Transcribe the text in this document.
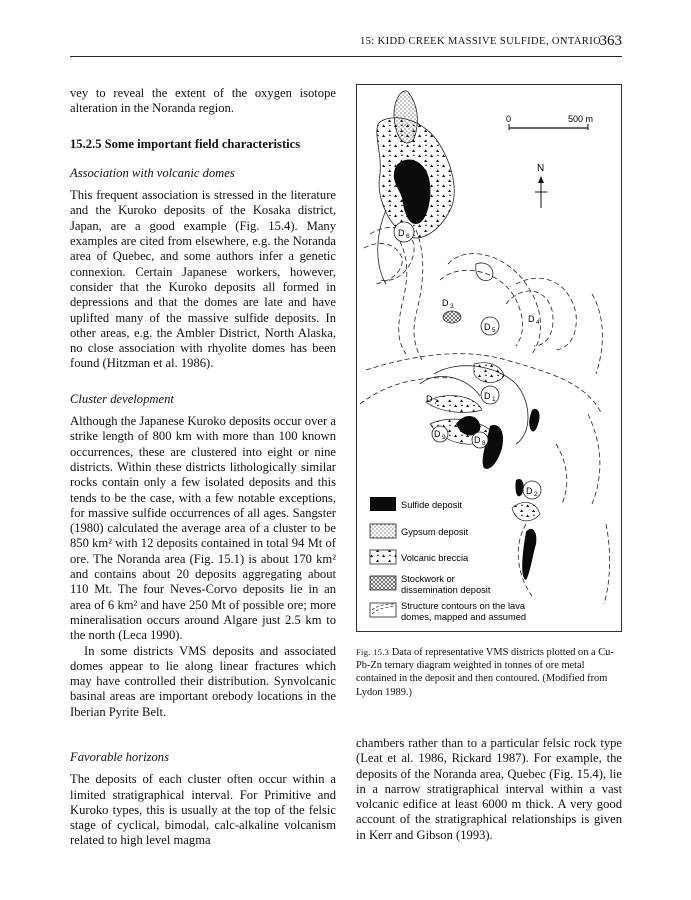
15: KIDD CREEK MASSIVE SULFIDE, ONTARIO
363

vey to reveal the extent of the oxygen isotope alteration in the Noranda region.

15.2.5 Some important field characteristics
Association with volcanic domes

This frequent association is stressed in the literature and the Kuroko deposits of the Kosaka district, Japan, are a good example (Fig. 15.4). Many examples are cited from elsewhere, e.g. the Noranda area of Quebec, and some authors infer a genetic connexion. Certain Japanese workers, however, consider that the Kuroko deposits all formed in depressions and that the domes are late and have uplifted many of the massive sulfide deposits. In other areas, e.g. the Ambler District, North Alaska, no close association with rhyolite domes has been found (Hitzman et al. 1986).

Cluster development

Although the Japanese Kuroko deposits occur over a strike length of 800 km with more than 100 known occurrences, these are clustered into eight or nine districts. Within these districts lithologically similar rocks contain only a few isolated deposits and this tends to be the case, with a few notable exceptions, for massive sulfide occurrences of all ages. Sangster (1980) calculated the average area of a cluster to be 850 km² with 12 deposits contained in total 94 Mt of ore. The Noranda area (Fig. 15.1) is about 170 km² and contains about 20 deposits aggregating about 110 Mt. The four Neves-Corvo deposits lie in an area of 6 km² and have 250 Mt of possible ore; more mineralisation occurs around Algare just 2.5 km to the north (Leca 1990).

In some districts VMS deposits and associated domes appear to lie along linear fractures which may have controlled their distribution. Synvolcanic basinal areas are important orebody locations in the Iberian Pyrite Belt.

Favorable horizons

The deposits of each cluster often occur within a limited stratigraphical interval. For Primitive and Kuroko types, this is usually at the top of the felsic stage of cyclical, bimodal, calc-alkaline volcanism related to high level magma

0	500 m
N
D 6
D 3
D 5
D 4
D 1
D 7
D 9	D 8
D 2
Sulfide deposit
Gypsum deposit
Volcanic breccia
Stockwork or
dissemination deposit
Structure contours on the lava
domes, mapped and assumed
Fig. 15.3 Data of representative VMS districts plotted on a Cu-Pb-Zn ternary diagram weighted in tonnes of ore metal contained in the deposit and then contoured. (Modified from Lydon 1989.)

chambers rather than to a particular felsic rock type (Leat et al. 1986, Rickard 1987). For example, the deposits of the Noranda area, Quebec (Fig. 15.4), lie in a narrow stratigraphical interval within a vast volcanic edifice at least 6000 m thick. A very good account of the stratigraphical relationships is given in Kerr and Gibson (1993).
